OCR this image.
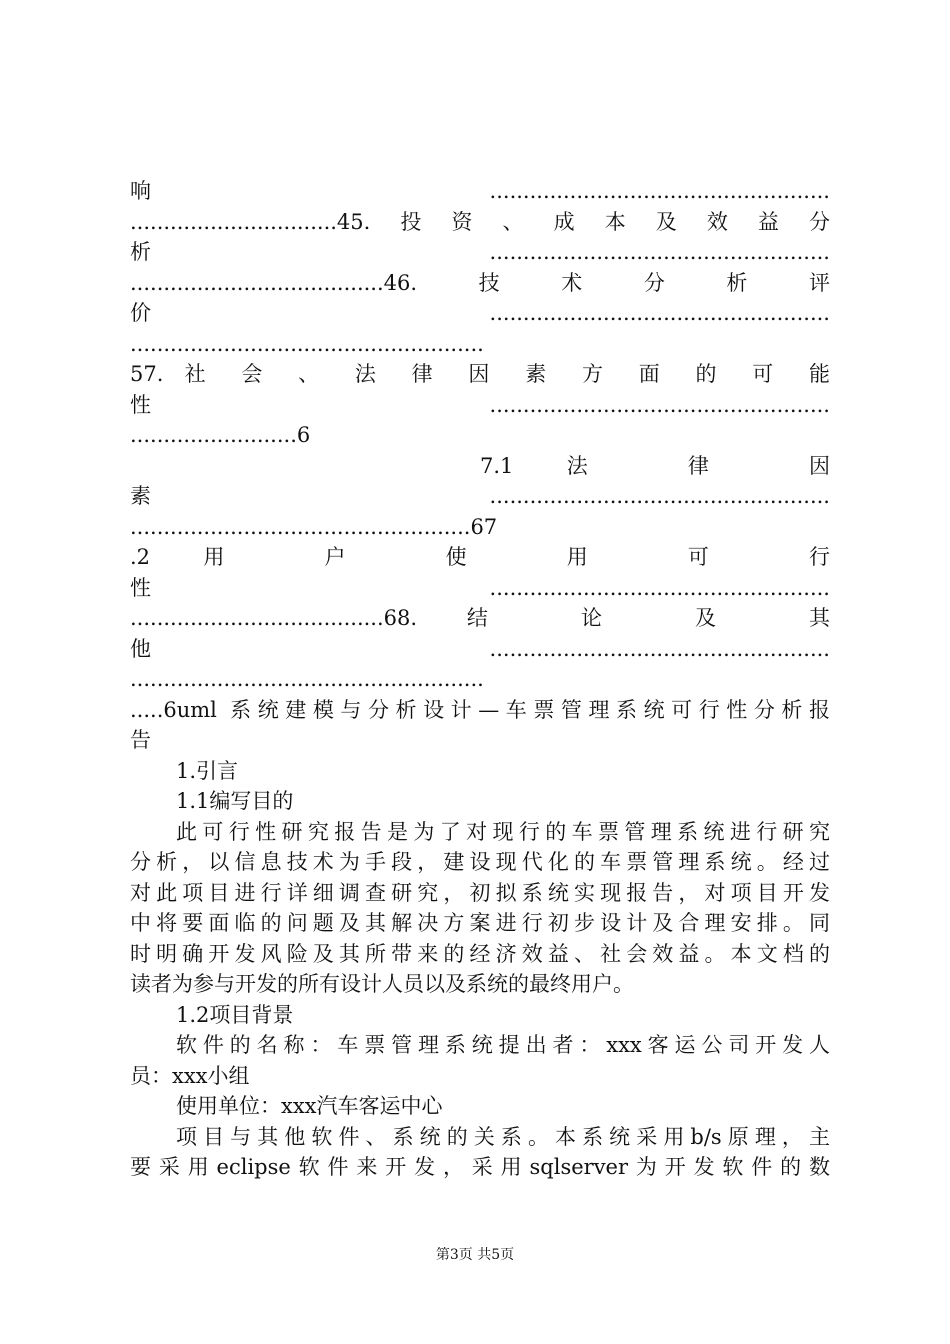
响...................................................
...............................45.投资、成本及效益分
析...................................................
......................................46.技术分析评
价...................................................
.....................................................
57. 社 会 、 法 律 因 素 方 面 的 可 能
性...................................................
.........................6
7.1 法 律 因
素...................................................
...................................................67
.2 用 户 使 用 可 行
性...................................................
......................................68. 结 论 及 其
他...................................................
.....................................................
.....6uml 系统建模与分析设计—车票管理系统可行性分析报
告
1.引言
1.1编写目的
此可行性研究报告是为了对现行的车票管理系统进行研究
分析，以信息技术为手段，建设现代化的车票管理系统。经过
对此项目进行详细调查研究，初拟系统实现报告，对项目开发
中将要面临的问题及其解决方案进行初步设计及合理安排。同
时明确开发风险及其所带来的经济效益、社会效益。本文档的
读者为参与开发的所有设计人员以及系统的最终用户。
1.2项目背景
软件的名称：车票管理系统提出者：xxx客运公司开发人
员：xxx小组
使用单位：xxx汽车客运中心
项目与其他软件、系统的关系。本系统采用b/s原理，主
要采用eclipse软件来开发，采用sqlserver为开发软件的数
第3页 共5页
